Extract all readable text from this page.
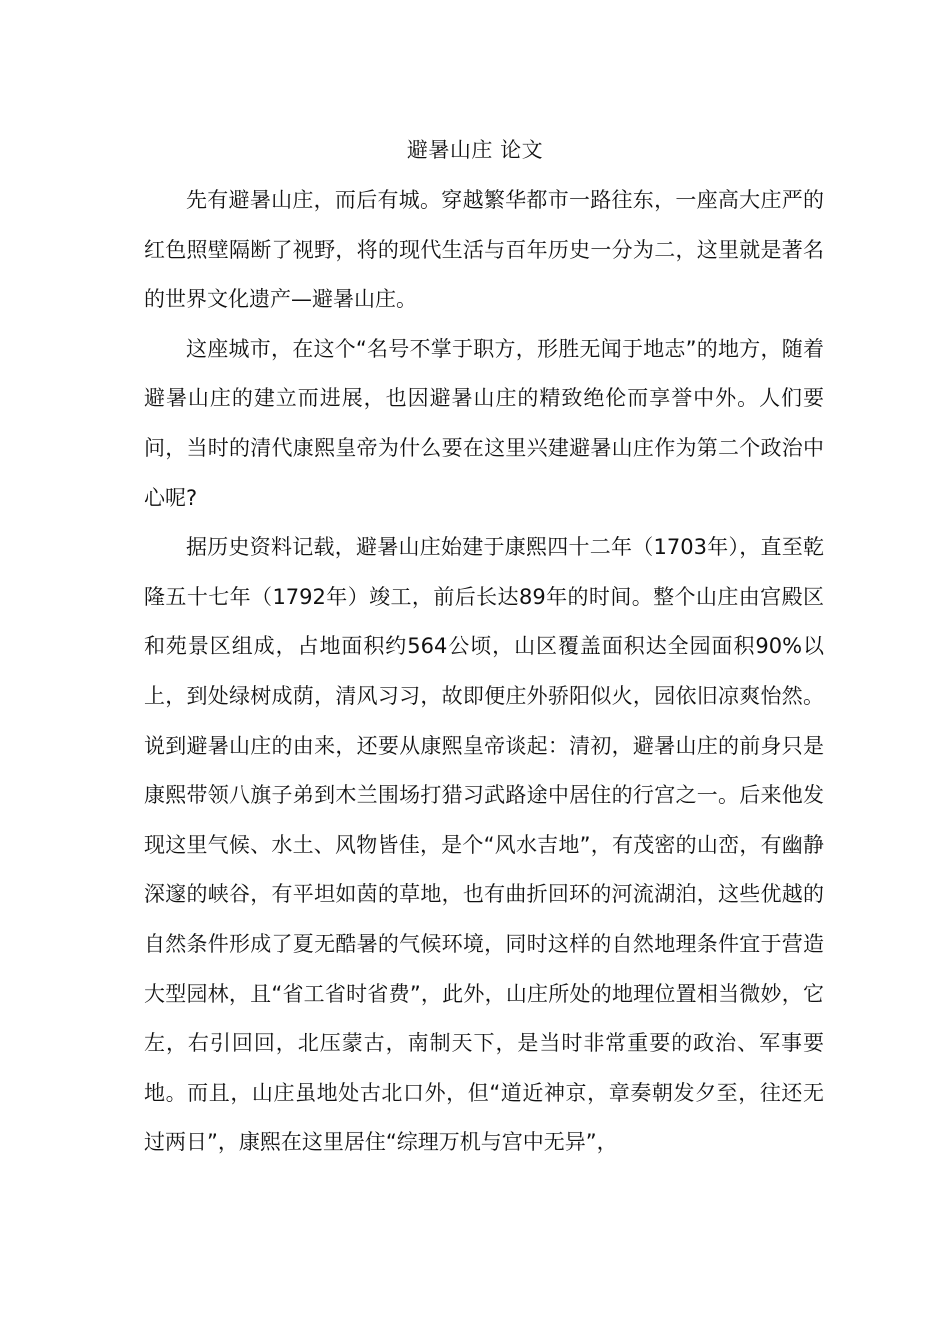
避暑山庄 论文

先有避暑山庄，而后有城。穿越繁华都市一路往东，一座高大庄严的红色照壁隔断了视野，将的现代生活与百年历史一分为二，这里就是著名的世界文化遗产—避暑山庄。

这座城市，在这个“名号不掌于职方，形胜无闻于地志”的地方，随着避暑山庄的建立而进展，也因避暑山庄的精致绝伦而享誉中外。人们要问，当时的清代康熙皇帝为什么要在这里兴建避暑山庄作为第二个政治中心呢?

据历史资料记载，避暑山庄始建于康熙四十二年（1703年），直至乾隆五十七年（1792年）竣工，前后长达89年的时间。整个山庄由宫殿区和苑景区组成，占地面积约564公顷，山区覆盖面积达全园面积90%以上，到处绿树成荫，清风习习，故即便庄外骄阳似火，园依旧凉爽怡然。说到避暑山庄的由来，还要从康熙皇帝谈起：清初，避暑山庄的前身只是康熙带领八旗子弟到木兰围场打猎习武路途中居住的行宫之一。后来他发现这里气候、水土、风物皆佳，是个“风水吉地”，有茂密的山峦，有幽静深邃的峡谷，有平坦如茵的草地，也有曲折回环的河流湖泊，这些优越的自然条件形成了夏无酷暑的气候环境，同时这样的自然地理条件宜于营造大型园林，且“省工省时省费”，此外，山庄所处的地理位置相当微妙，它左，右引回回，北压蒙古，南制天下，是当时非常重要的政治、军事要地。而且，山庄虽地处古北口外，但“道近神京，章奏朝发夕至，往还无过两日”，康熙在这里居住“综理万机与宫中无异”，
